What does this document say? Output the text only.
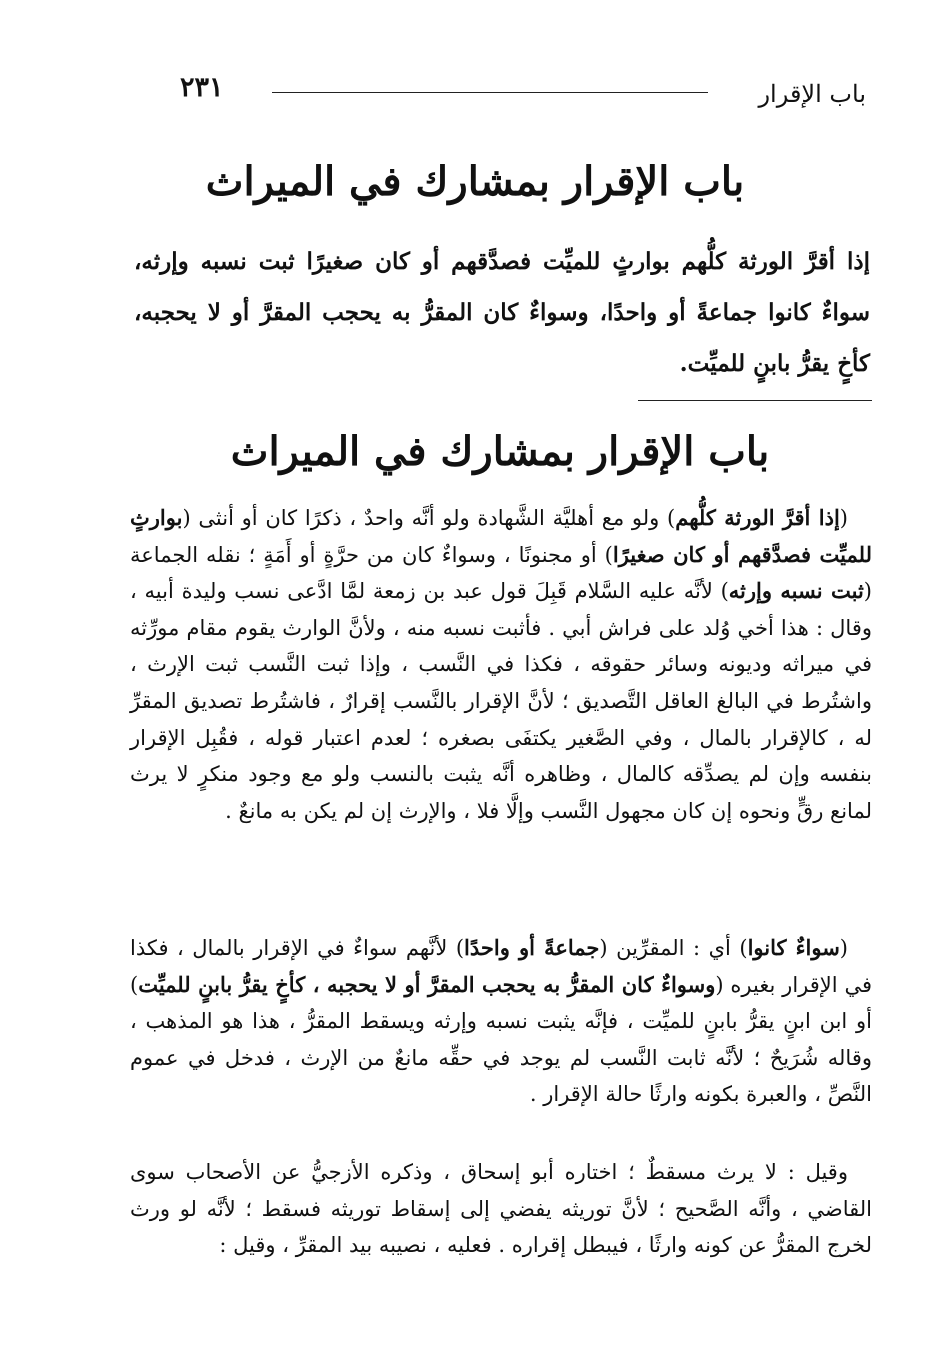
باب الإقرار
٢٣١
باب الإقرار بمشارك في الميراث
إذا أقرَّ الورثة كلُّهم بوارثٍ للميِّت فصدَّقهم أو كان صغيرًا ثبت نسبه وإرثه، سواءٌ كانوا جماعةً أو واحدًا، وسواءٌ كان المقرُّ به يحجب المقرَّ أو لا يحجبه، كأخٍ يقرُّ بابنٍ للميِّت.
باب الإقرار بمشارك في الميراث

(إذا أقرَّ الورثة كلُّهم) ولو مع أهليَّة الشَّهادة ولو أنَّه واحدٌ ، ذكرًا كان أو أنثى (بوارثٍ للميِّت فصدَّقهم أو كان صغيرًا) أو مجنونًا ، وسواءٌ كان من حرَّةٍ أو أَمَةٍ ؛ نقله الجماعة (ثبت نسبه وإرثه) لأنَّه عليه السَّلام قَبِلَ قول عبد بن زمعة لمَّا ادَّعى نسب وليدة أبيه ، وقال : هذا أخي وُلد على فراش أبي . فأثبت نسبه منه ، ولأنَّ الوارث يقوم مقام مورِّثه في ميراثه وديونه وسائر حقوقه ، فكذا في النَّسب ، وإذا ثبت النَّسب ثبت الإرث ، واشتُرط في البالغ العاقل التَّصديق ؛ لأنَّ الإقرار بالنَّسب إقرارٌ ، فاشتُرط تصديق المقرِّ له ، كالإقرار بالمال ، وفي الصَّغير يكتفَى بصغره ؛ لعدم اعتبار قوله ، فقُبِل الإقرار بنفسه وإن لم يصدِّقه كالمال ، وظاهره أنَّه يثبت بالنسب ولو مع وجود منكرٍ لا يرث لمانع رقٍّ ونحوه إن كان مجهول النَّسب وإلَّا فلا ، والإرث إن لم يكن به مانعٌ .

(سواءٌ كانوا) أي : المقرِّين (جماعةً أو واحدًا) لأنَّهم سواءٌ في الإقرار بالمال ، فكذا في الإقرار بغيره (وسواءٌ كان المقرُّ به يحجب المقرَّ أو لا يحجبه ، كأخٍ يقرُّ بابنٍ للميِّت) أو ابن ابنٍ يقرُّ بابنٍ للميِّت ، فإنَّه يثبت نسبه وإرثه ويسقط المقرُّ ، هذا هو المذهب ، وقاله شُرَيحٌ ؛ لأنَّه ثابت النَّسب لم يوجد في حقِّه مانعٌ من الإرث ، فدخل في عموم النَّصِّ ، والعبرة بكونه وارثًا حالة الإقرار .

وقيل : لا يرث مسقطٌ ؛ اختاره أبو إسحاق ، وذكره الأزجيُّ عن الأصحاب سوى القاضي ، وأنَّه الصَّحيح ؛ لأنَّ توريثه يفضي إلى إسقاط توريثه فسقط ؛ لأنَّه لو ورث لخرج المقرُّ عن كونه وارثًا ، فيبطل إقراره . فعليه ، نصيبه بيد المقرِّ ، وقيل :
